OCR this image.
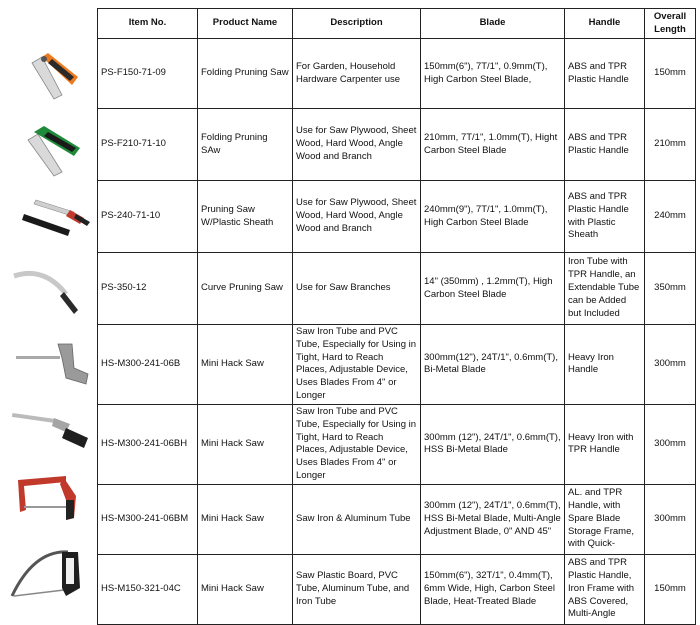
Item No.	Product Name	Description	Blade	Handle	Overall Length
PS-F150-71-09	Folding Pruning Saw	For Garden, Household Hardware Carpenter use	150mm(6"), 7T/1", 0.9mm(T), High Carbon Steel Blade,	ABS and TPR Plastic Handle	150mm
PS-F210-71-10	Folding Pruning SAw	Use for Saw Plywood, Sheet Wood, Hard Wood, Angle Wood and Branch	210mm, 7T/1", 1.0mm(T), Hight Carbon Steel Blade	ABS and TPR Plastic Handle	210mm
PS-240-71-10	Pruning Saw W/Plastic Sheath	Use for Saw Plywood, Sheet Wood, Hard Wood, Angle Wood and Branch	240mm(9"), 7T/1", 1.0mm(T), High Carbon Steel Blade	ABS and TPR Plastic Handle with Plastic Sheath	240mm
PS-350-12	Curve Pruning Saw	Use for Saw Branches	14" (350mm) , 1.2mm(T), High Carbon Steel Blade	Iron Tube with TPR Handle, an Extendable Tube can be Added but Included	350mm
HS-M300-241-06B	Mini Hack Saw	Saw Iron Tube and PVC Tube, Especially for Using in Tight, Hard to Reach Places, Adjustable Device, Uses Blades From 4" or Longer	300mm(12"), 24T/1", 0.6mm(T), Bi-Metal Blade	Heavy Iron Handle	300mm
HS-M300-241-06BH	Mini Hack Saw	Saw Iron Tube and PVC Tube, Especially for Using in Tight, Hard to Reach Places, Adjustable Device, Uses Blades From 4" or Longer	300mm (12"), 24T/1", 0.6mm(T), HSS Bi-Metal Blade	Heavy Iron with TPR Handle	300mm
HS-M300-241-06BM	Mini Hack Saw	Saw Iron & Aluminum Tube	300mm (12"), 24T/1", 0.6mm(T), HSS Bi-Metal Blade, Multi-Angle Adjustment Blade, 0" AND 45"	AL. and TPR Handle, with Spare Blade Storage Frame, with Quick-	300mm
HS-M150-321-04C	Mini Hack Saw	Saw Plastic Board, PVC Tube, Aluminum Tube, and Iron Tube	150mm(6"), 32T/1", 0.4mm(T), 6mm Wide, High, Carbon Steel Blade, Heat-Treated Blade	ABS and TPR Plastic Handle, Iron Frame with ABS Covered, Multi-Angle	150mm
